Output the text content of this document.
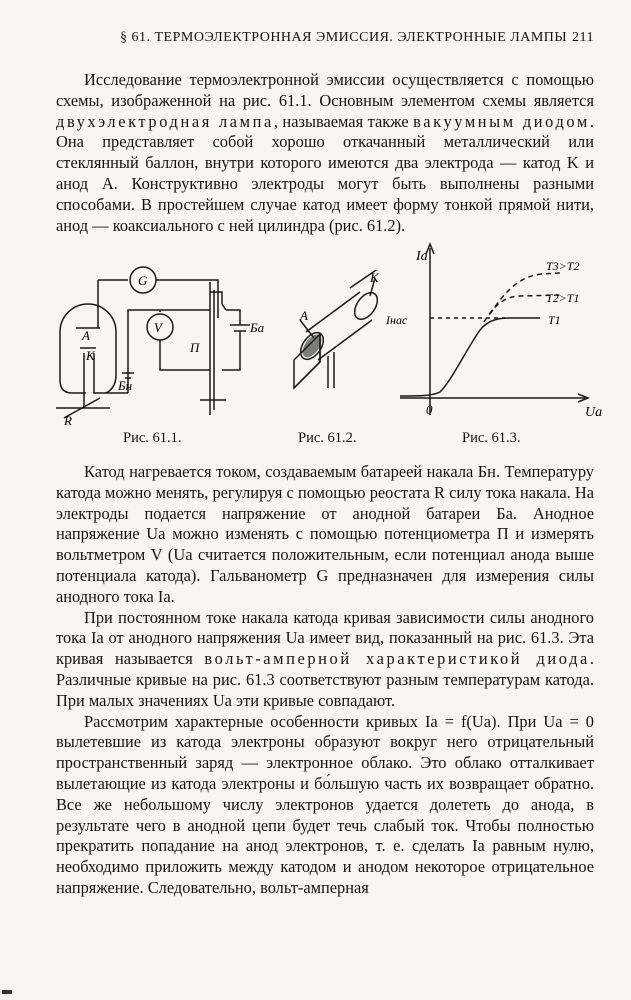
§ 61. ТЕРМОЭЛЕКТРОННАЯ ЭМИССИЯ. ЭЛЕКТРОННЫЕ ЛАМПЫ 211

Исследование термоэлектронной эмиссии осуществляется с помощью схемы, изображенной на рис. 61.1. Основным элементом схемы является двухэлектродная лампа, называемая также вакуумным диодом. Она представляет собой хорошо откачанный металлический или стеклянный баллон, внутри которого имеются два электрода — катод K и анод A. Конструктивно электроды могут быть выполнены разными способами. В простейшем случае катод имеет форму тонкой прямой нити, анод — коаксиального с ней цилиндра (рис. 61.2).

G
V	Бa
П
A
K
Бн
R
Рис. 61.1.
A
K
Рис. 61.2.
Ia
Ua
0
Iнас	T1
T2>T1
T3>T2
Рис. 61.3.

Катод нагревается током, создаваемым батареей накала Бн. Температуру катода можно менять, регулируя с помощью реостата R силу тока накала. На электроды подается напряжение от анодной батареи Ба. Анодное напряжение Ua можно изменять с помощью потенциометра П и измерять вольтметром V (Ua считается положительным, если потенциал анода выше потенциала катода). Гальванометр G предназначен для измерения силы анодного тока Ia.

При постоянном токе накала катода кривая зависимости силы анодного тока Ia от анодного напряжения Ua имеет вид, показанный на рис. 61.3. Эта кривая называется вольт-амперной характеристикой диода. Различные кривые на рис. 61.3 соответствуют разным температурам катода. При малых значениях Ua эти кривые совпадают.

Рассмотрим характерные особенности кривых Ia = f(Ua). При Ua = 0 вылетевшие из катода электроны образуют вокруг него отрицательный пространственный заряд — электронное облако. Это облако отталкивает вылетающие из катода электроны и бо́льшую часть их возвращает обратно. Все же небольшому числу электронов удается долететь до анода, в результате чего в анодной цепи будет течь слабый ток. Чтобы полностью прекратить попадание на анод электронов, т. е. сделать Ia равным нулю, необходимо приложить между катодом и анодом некоторое отрицательное напряжение. Следовательно, вольт-амперная
